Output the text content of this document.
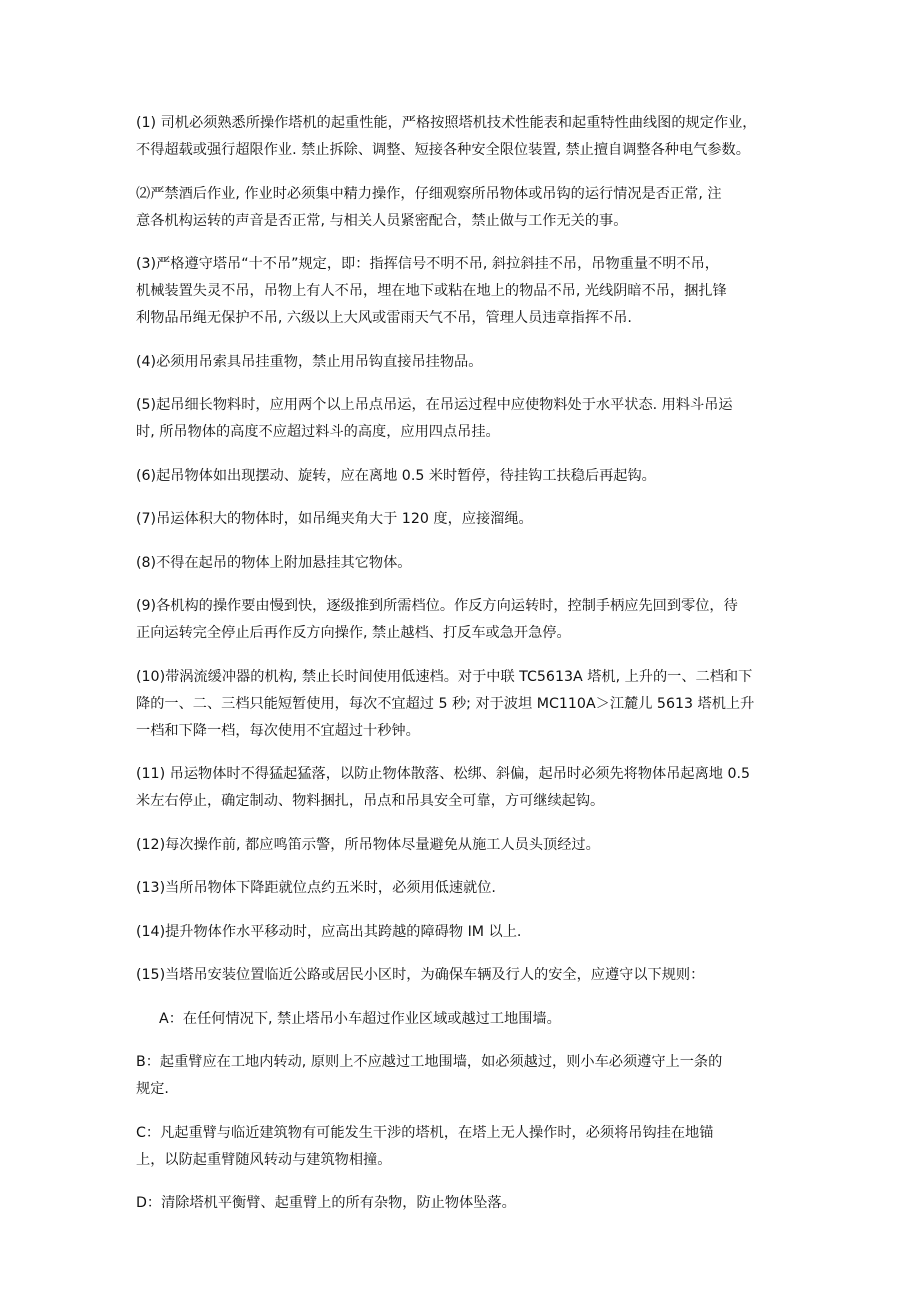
(1) 司机必须熟悉所操作塔机的起重性能，严格按照塔机技术性能表和起重特性曲线图的规定作业，
不得超载或强行超限作业. 禁止拆除、调整、短接各种安全限位装置, 禁止擅自调整各种电气参数。

⑵严禁酒后作业, 作业时必须集中精力操作，仔细观察所吊物体或吊钩的运行情况是否正常, 注
意各机构运转的声音是否正常, 与相关人员紧密配合，禁止做与工作无关的事。

(3)严格遵守塔吊“十不吊”规定，即：指挥信号不明不吊, 斜拉斜挂不吊，吊物重量不明不吊，
机械装置失灵不吊，吊物上有人不吊，埋在地下或粘在地上的物品不吊, 光线阴暗不吊，捆扎锋
利物品吊绳无保护不吊, 六级以上大风或雷雨天气不吊，管理人员违章指挥不吊.

(4)必须用吊索具吊挂重物，禁止用吊钩直接吊挂物品。

(5)起吊细长物料时，应用两个以上吊点吊运，在吊运过程中应使物料处于水平状态. 用料斗吊运
时, 所吊物体的高度不应超过料斗的高度，应用四点吊挂。

(6)起吊物体如出现摆动、旋转，应在离地 0.5 米时暂停，待挂钩工扶稳后再起钩。

(7)吊运体积大的物体时，如吊绳夹角大于 120 度，应接溜绳。

(8)不得在起吊的物体上附加悬挂其它物体。

(9)各机构的操作要由慢到快，逐级推到所需档位。作反方向运转时，控制手柄应先回到零位，待
正向运转完全停止后再作反方向操作, 禁止越档、打反车或急开急停。

(10)带涡流缓冲器的机构, 禁止长时间使用低速档。对于中联 TC5613A 塔机, 上升的一、二档和下
降的一、二、三档只能短暂使用，每次不宜超过 5 秒; 对于波坦 MC110A＞江麓儿 5613 塔机上升
一档和下降一档，每次使用不宜超过十秒钟。

(11) 吊运物体时不得猛起猛落，以防止物体散落、松绑、斜偏，起吊时必须先将物体吊起离地 0.5
米左右停止，确定制动、物料捆扎，吊点和吊具安全可靠，方可继续起钩。

(12)每次操作前, 都应鸣笛示警，所吊物体尽量避免从施工人员头顶经过。

(13)当所吊物体下降距就位点约五米时，必须用低速就位.

(14)提升物体作水平移动时，应高出其跨越的障碍物 IM 以上.

(15)当塔吊安装位置临近公路或居民小区时，为确保车辆及行人的安全，应遵守以下规则：

A：在任何情况下, 禁止塔吊小车超过作业区域或越过工地围墙。

B：起重臂应在工地内转动, 原则上不应越过工地围墙，如必须越过，则小车必须遵守上一条的
规定.

C：凡起重臂与临近建筑物有可能发生干涉的塔机，在塔上无人操作时，必须将吊钩挂在地锚
上，以防起重臂随风转动与建筑物相撞。

D：清除塔机平衡臂、起重臂上的所有杂物，防止物体坠落。
